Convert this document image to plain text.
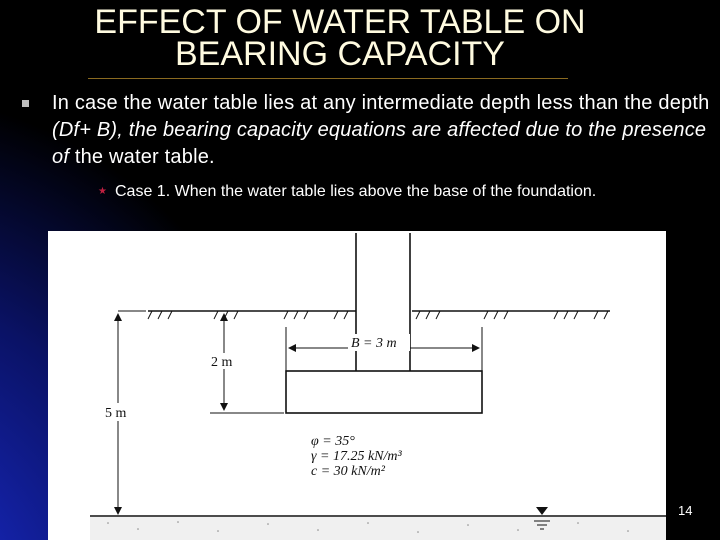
EFFECT OF WATER TABLE ON
BEARING CAPACITY
In case the water table lies at any intermediate depth less than the depth (Df+ B), the bearing capacity equations are affected due to the presence of the water table.
★ Case 1. When the water table lies above the base of the foundation.
B = 3 m
2 m
5 m
φ = 35°
γ = 17.25 kN/m³
c = 30 kN/m²
14
